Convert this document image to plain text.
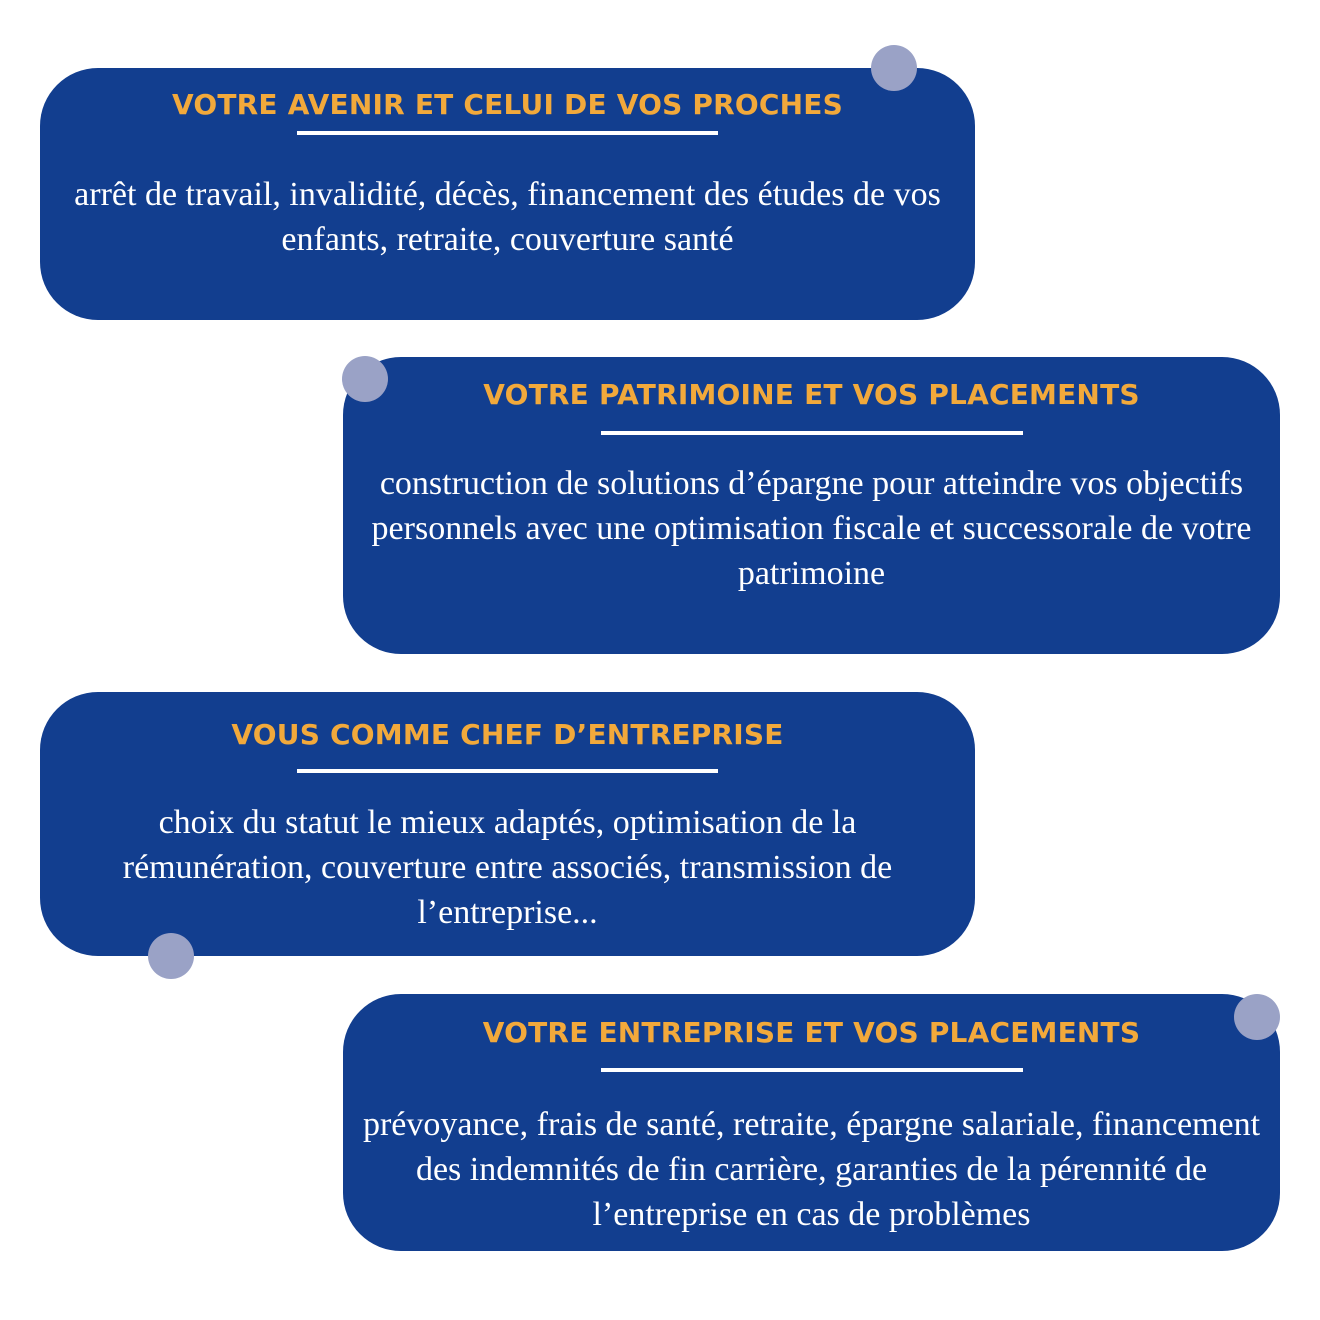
VOTRE AVENIR ET CELUI DE VOS PROCHES
arrêt de travail, invalidité, décès, financement des études de vos
enfants, retraite, couverture santé
VOTRE PATRIMOINE ET VOS PLACEMENTS
construction de solutions d’épargne pour atteindre vos objectifs
personnels avec une optimisation fiscale et successorale de votre
patrimoine
VOUS COMME CHEF D’ENTREPRISE
choix du statut le mieux adaptés, optimisation de la
rémunération, couverture entre associés, transmission de
l’entreprise...
VOTRE ENTREPRISE ET VOS PLACEMENTS
prévoyance, frais de santé, retraite, épargne salariale, financement
des indemnités de fin carrière, garanties de la pérennité de
l’entreprise en cas de problèmes
